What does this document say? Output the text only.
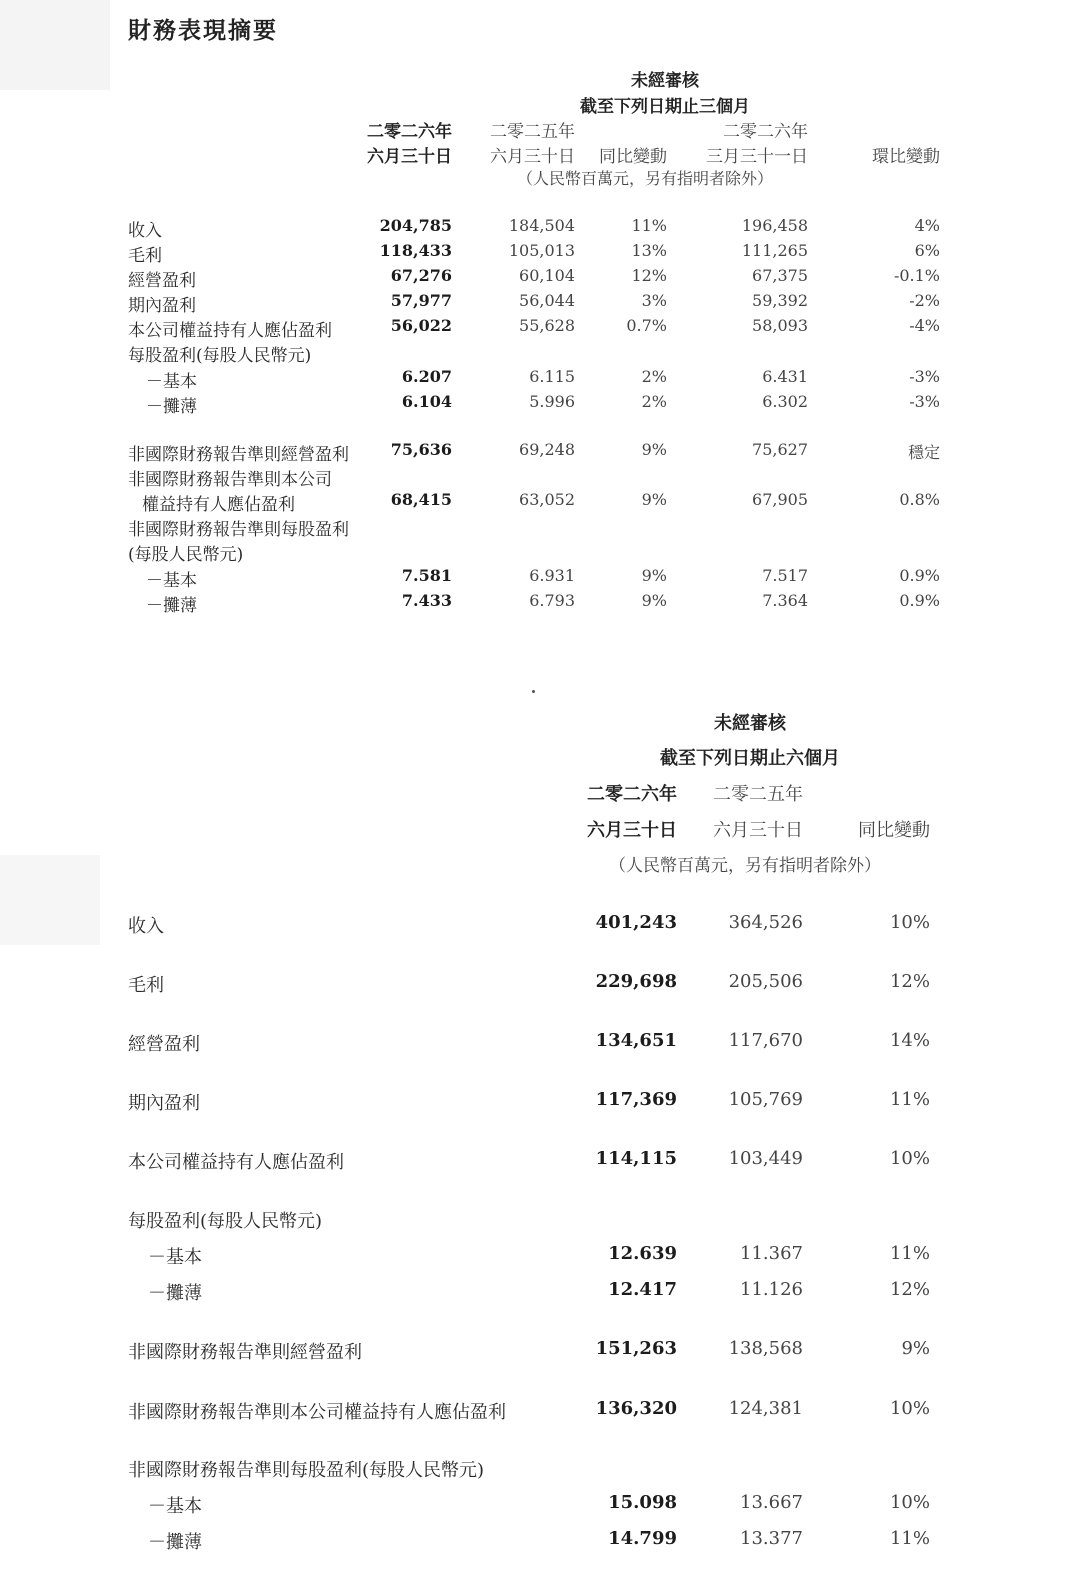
財務表現摘要
未經審核
截至下列日期止三個月
二零二六年
六月三十日
二零二五年
六月三十日	同比變動
二零二六年
三月三十一日	環比變動
（人民幣百萬元，另有指明者除外）
收入	204,785	184,504	11%	196,458	4%
毛利	118,433	105,013	13%	111,265	6%
經營盈利	67,276	60,104	12%	67,375	-0.1%
期內盈利	57,977	56,044	3%	59,392	-2%
本公司權益持有人應佔盈利	56,022	55,628	0.7%	58,093	-4%
每股盈利(每股人民幣元)
－基本	6.207	6.115	2%	6.431	-3%
－攤薄	6.104	5.996	2%	6.302	-3%
非國際財務報告準則經營盈利	75,636	69,248	9%	75,627	穩定
非國際財務報告準則本公司
權益持有人應佔盈利	68,415	63,052	9%	67,905	0.8%
非國際財務報告準則每股盈利
(每股人民幣元)
－基本	7.581	6.931	9%	7.517	0.9%
－攤薄	7.433	6.793	9%	7.364	0.9%
未經審核
截至下列日期止六個月
二零二六年
六月三十日
二零二五年
六月三十日	同比變動
（人民幣百萬元，另有指明者除外）
收入	401,243	364,526	10%
毛利	229,698	205,506	12%
經營盈利	134,651	117,670	14%
期內盈利	117,369	105,769	11%
本公司權益持有人應佔盈利	114,115	103,449	10%
每股盈利(每股人民幣元)
－基本	12.639	11.367	11%
－攤薄	12.417	11.126	12%
非國際財務報告準則經營盈利	151,263	138,568	9%
非國際財務報告準則本公司權益持有人應佔盈利	136,320	124,381	10%
非國際財務報告準則每股盈利(每股人民幣元)
－基本	15.098	13.667	10%
－攤薄	14.799	13.377	11%
